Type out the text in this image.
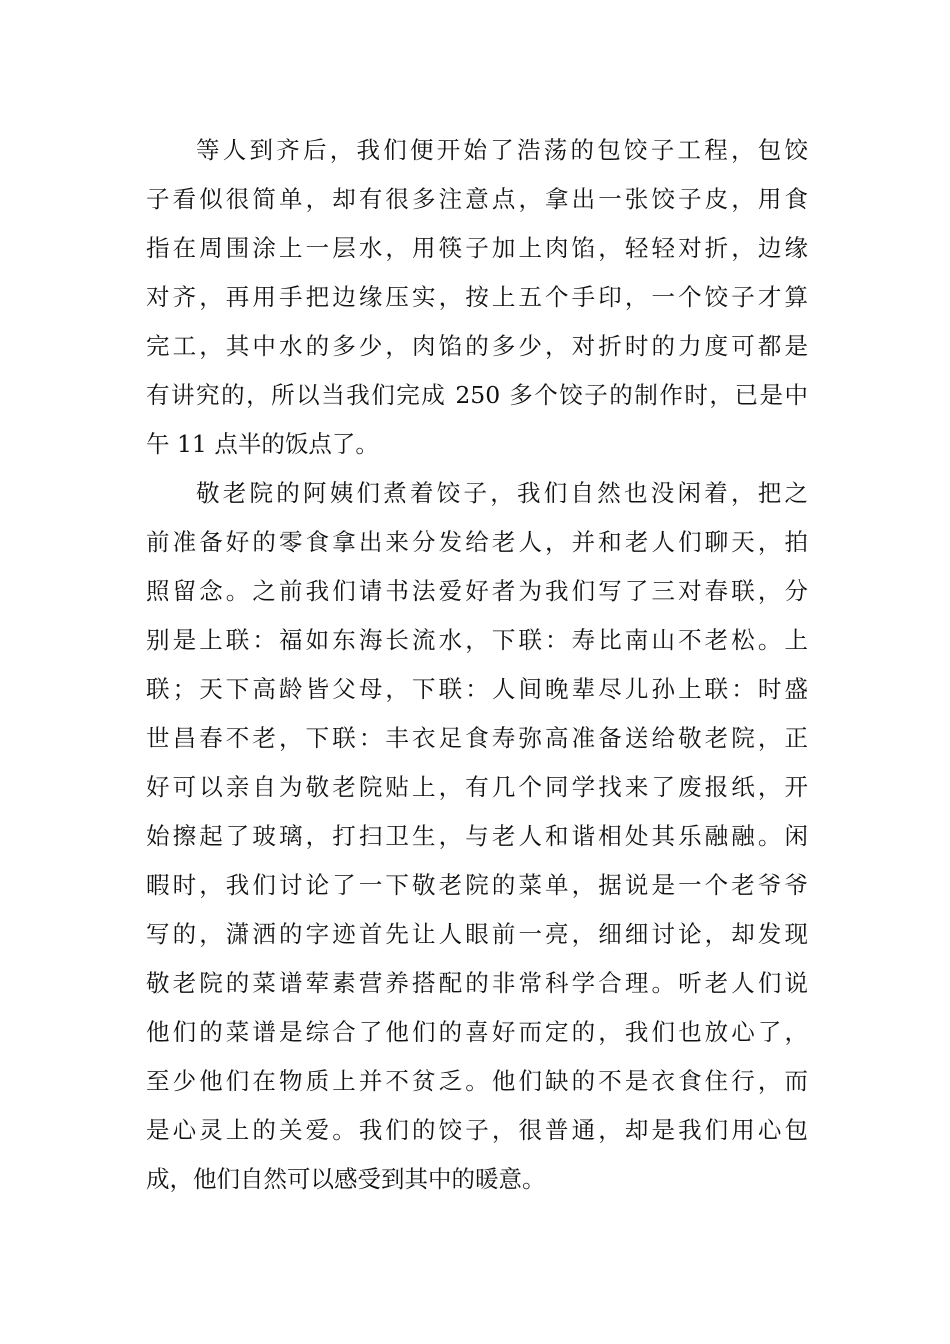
等人到齐后，我们便开始了浩荡的包饺子工程，包饺
子看似很简单，却有很多注意点，拿出一张饺子皮，用食
指在周围涂上一层水，用筷子加上肉馅，轻轻对折，边缘
对齐，再用手把边缘压实，按上五个手印，一个饺子才算
完工，其中水的多少，肉馅的多少，对折时的力度可都是
有讲究的，所以当我们完成 250 多个饺子的制作时，已是中
午 11 点半的饭点了。
敬老院的阿姨们煮着饺子，我们自然也没闲着，把之
前准备好的零食拿出来分发给老人，并和老人们聊天，拍
照留念。之前我们请书法爱好者为我们写了三对春联，分
别是上联：福如东海长流水，下联：寿比南山不老松。上
联；天下高龄皆父母，下联：人间晚辈尽儿孙上联：时盛
世昌春不老，下联：丰衣足食寿弥高准备送给敬老院，正
好可以亲自为敬老院贴上，有几个同学找来了废报纸，开
始擦起了玻璃，打扫卫生，与老人和谐相处其乐融融。闲
暇时，我们讨论了一下敬老院的菜单，据说是一个老爷爷
写的，潇洒的字迹首先让人眼前一亮，细细讨论，却发现
敬老院的菜谱荤素营养搭配的非常科学合理。听老人们说
他们的菜谱是综合了他们的喜好而定的，我们也放心了，
至少他们在物质上并不贫乏。他们缺的不是衣食住行，而
是心灵上的关爱。我们的饺子，很普通，却是我们用心包
成，他们自然可以感受到其中的暖意。
